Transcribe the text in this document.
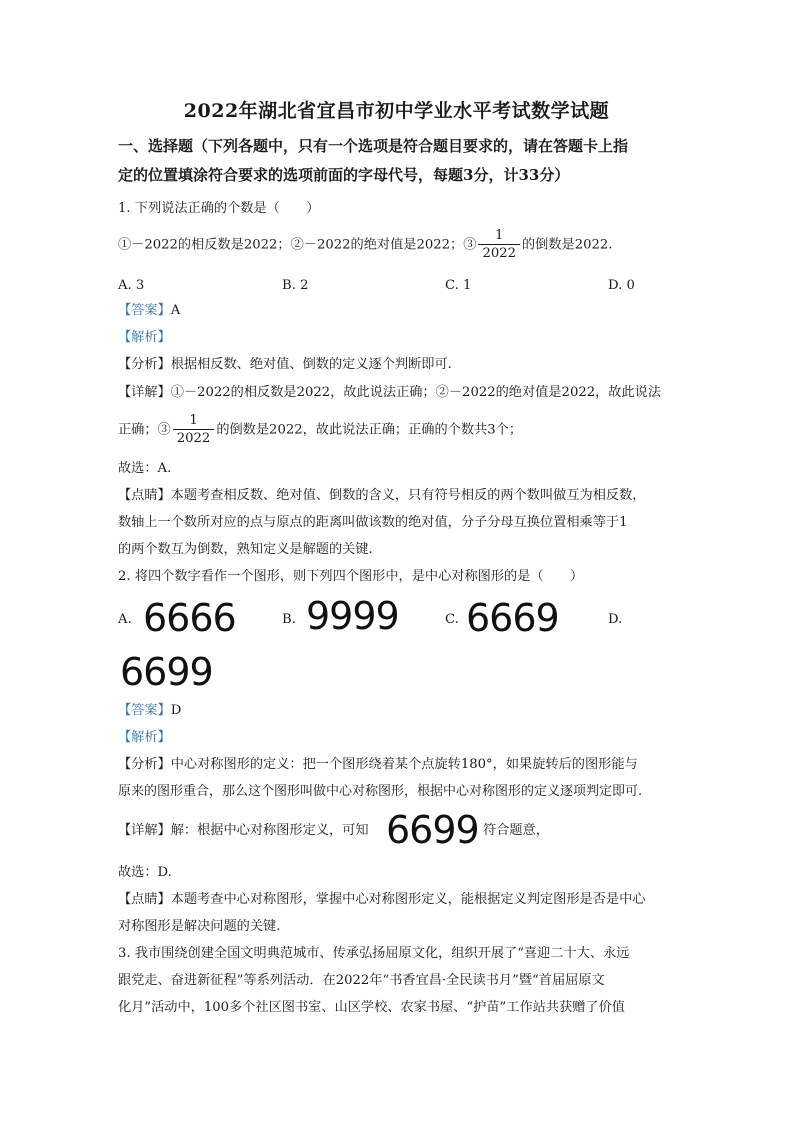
2022年湖北省宜昌市初中学业水平考试数学试题
一、选择题（下列各题中，只有一个选项是符合题目要求的，请在答题卡上指
定的位置填涂符合要求的选项前面的字母代号，每题3分，计33分）
1. 下列说法正确的个数是（　　）
①－2022的相反数是2022；②－2022的绝对值是2022；③ $\frac{1}{2022}$ 的倒数是2022.
A. 3	B. 2	C. 1	D. 0
【答案】A
【解析】
【分析】根据相反数、绝对值、倒数的定义逐个判断即可.
【详解】①－2022的相反数是2022，故此说法正确；②－2022的绝对值是2022，故此说法
正确；③ $\frac{1}{2022}$ 的倒数是2022，故此说法正确；正确的个数共3个；
故选：A.
【点睛】本题考查相反数、绝对值、倒数的含义，只有符号相反的两个数叫做互为相反数，
数轴上一个数所对应的点与原点的距离叫做该数的绝对值，分子分母互换位置相乘等于1
的两个数互为倒数，熟知定义是解题的关键.
2. 将四个数字看作一个图形，则下列四个图形中，是中心对称图形的是（　　）
A. 6666	B. 9999	C. 6669	D.
6699
【答案】D
【解析】
【分析】中心对称图形的定义：把一个图形绕着某个点旋转180°，如果旋转后的图形能与
原来的图形重合，那么这个图形叫做中心对称图形，根据中心对称图形的定义逐项判定即可.
【详解】解：根据中心对称图形定义，可知 6699 符合题意，
故选：D.
【点睛】本题考查中心对称图形，掌握中心对称图形定义，能根据定义判定图形是否是中心
对称图形是解决问题的关键.
3. 我市围绕创建全国文明典范城市、传承弘扬屈原文化，组织开展了“喜迎二十大、永远
跟党走、奋进新征程”等系列活动．在2022年“书香宜昌·全民读书月”暨“首届屈原文
化月”活动中，100多个社区图书室、山区学校、农家书屋、“护苗”工作站共获赠了价值
